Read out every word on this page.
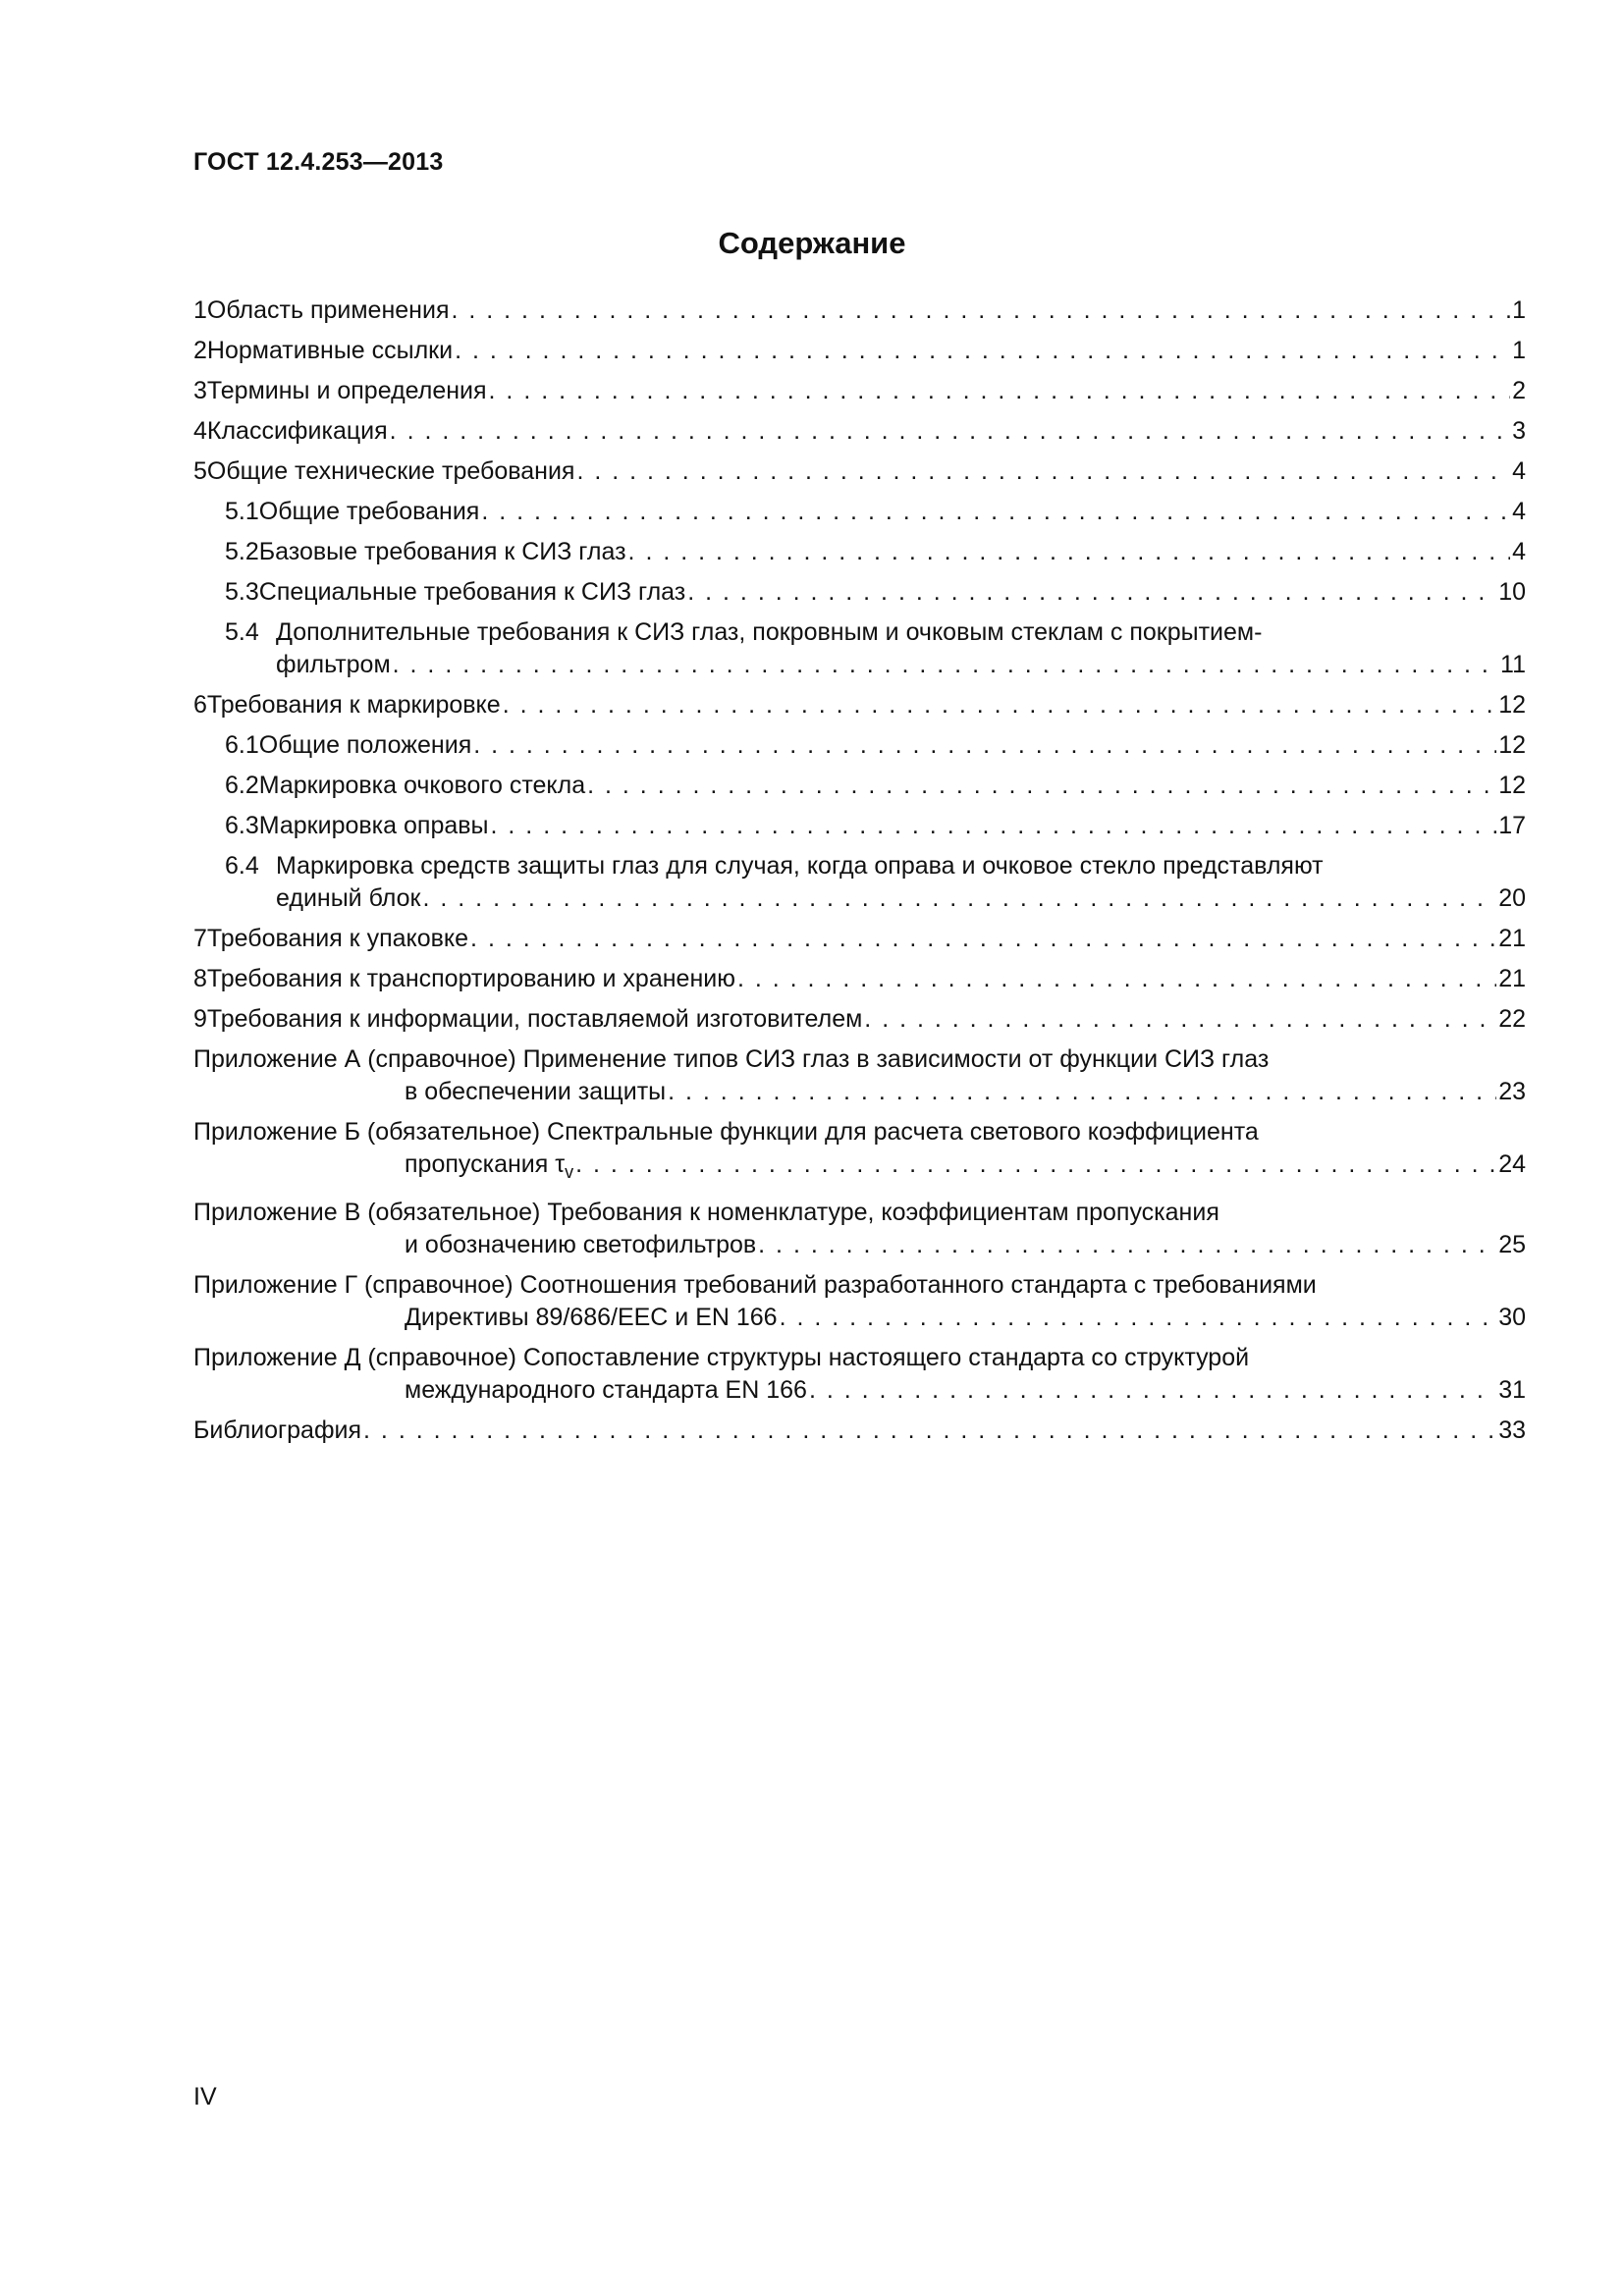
ГОСТ 12.4.253—2013
Содержание
1 Область применения . . .	1
2 Нормативные ссылки . . .	1
3 Термины и определения . . .	2
4 Классификация . . .	3
5 Общие технические требования . . .	4
5.1 Общие требования . . .	4
5.2 Базовые требования к СИЗ глаз . . .	4
5.3 Специальные требования к СИЗ глаз . . .	10
5.4 Дополнительные требования к СИЗ глаз, покровным и очковым стеклам с покрытием-
фильтром . . .	11
6 Требования к маркировке . . .	12
6.1 Общие положения . . .	12
6.2 Маркировка очкового стекла . . .	12
6.3 Маркировка оправы . . .	17
6.4 Маркировка средств защиты глаз для случая, когда оправа и очковое стекло представляют
единый блок . . .	20
7 Требования к упаковке . . .	21
8 Требования к транспортированию и хранению . . .	21
9 Требования к информации, поставляемой изготовителем . . .	22
Приложение А (справочное) Применение типов СИЗ глаз в зависимости от функции СИЗ глаз
в обеспечении защиты . . .	23
Приложение Б (обязательное) Спектральные функции для расчета светового коэффициента
пропускания $\tau_v$ . . .	24
Приложение В (обязательное) Требования к номенклатуре, коэффициентам пропускания
и обозначению светофильтров . . .	25
Приложение Г (справочное) Соотношения требований разработанного стандарта с требованиями
Директивы 89/686/ЕЕС и EN 166 . . .	30
Приложение Д (справочное) Сопоставление структуры настоящего стандарта со структурой
международного стандарта EN 166 . . .	31
Библиография . . .	33
IV
